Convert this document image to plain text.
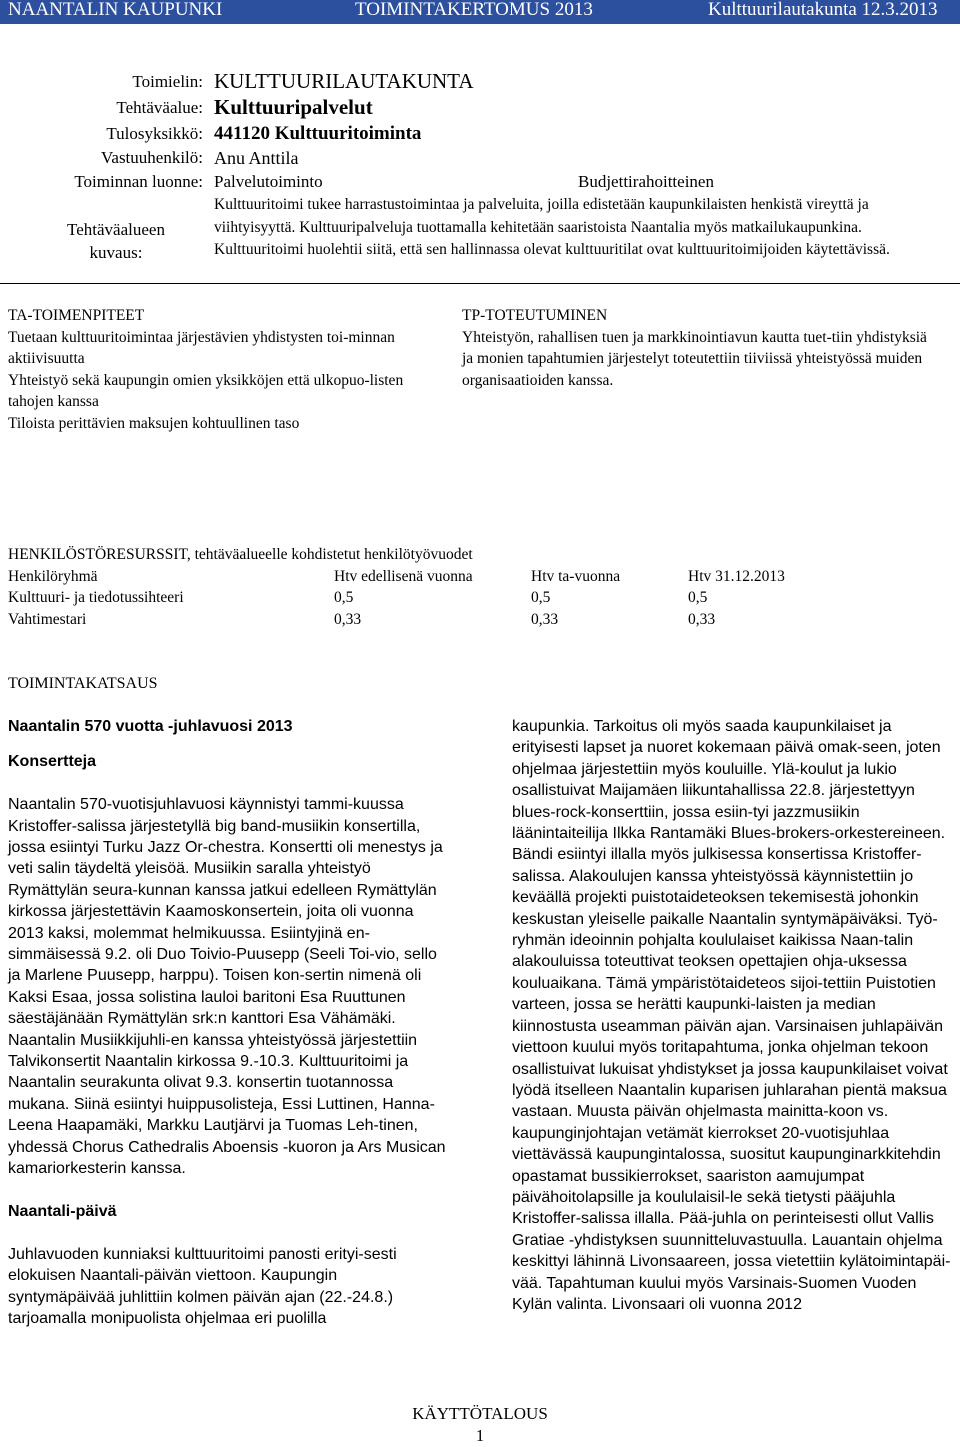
NAANTALIN KAUPUNKI	TOIMINTAKERTOMUS 2013	Kulttuurilautakunta 12.3.2013
Toimielin: KULTTUURILAUTAKUNTA
Tehtäväalue: Kulttuuripalvelut
Tulosyksikkö: 441120 Kulttuuritoiminta
Vastuuhenkilö: Anu Anttila
Toiminnan luonne: Palvelutoiminto	Budjettirahoitteinen
Tehtäväalueen
kuvaus:
Kulttuuritoimi tukee harrastustoimintaa ja palveluita, joilla edistetään kaupunkilaisten henkistä vireyttä ja viihtyisyyttä. Kulttuuripalveluja tuottamalla kehitetään saaristoista Naantalia myös matkailukaupunkina. Kulttuuritoimi huolehtii siitä, että sen hallinnassa olevat kulttuuritilat ovat kulttuuritoimijoiden käytettävissä.
TA-TOIMENPITEET
Tuetaan kulttuuritoimintaa järjestävien yhdistysten toi-minnan aktiivisuutta
Yhteistyö sekä kaupungin omien yksikköjen että ulkopuo-listen tahojen kanssa
Tiloista perittävien maksujen kohtuullinen taso
TP-TOTEUTUMINEN
Yhteistyön, rahallisen tuen ja markkinointiavun kautta tuet-tiin yhdistyksiä ja monien tapahtumien järjestelyt toteutettiin tiiviissä yhteistyössä muiden organisaatioiden kanssa.
HENKILÖSTÖRESURSSIT, tehtäväalueelle kohdistetut henkilötyövuodet
Henkilöryhmä	Htv edellisenä vuonna	Htv ta-vuonna	Htv 31.12.2013
Kulttuuri- ja tiedotussihteeri	0,5	0,5	0,5
Vahtimestari	0,33	0,33	0,33
TOIMINTAKATSAUS
Naantalin 570 vuotta -juhlavuosi 2013
Konsertteja

Naantalin 570-vuotisjuhlavuosi käynnistyi tammi-kuussa Kristoffer-salissa järjestetyllä big band-musiikin konsertilla, jossa esiintyi Turku Jazz Or-chestra. Konsertti oli menestys ja veti salin täydeltä yleisöä. Musiikin saralla yhteistyö Rymättylän seura-kunnan kanssa jatkui edelleen Rymättylän kirkossa järjestettävin Kaamoskonsertein, joita oli vuonna 2013 kaksi, molemmat helmikuussa. Esiintyjinä en-simmäisessä 9.2. oli Duo Toivio-Puusepp (Seeli Toi-vio, sello ja Marlene Puusepp, harppu). Toisen kon-sertin nimenä oli Kaksi Esaa, jossa solistina lauloi baritoni Esa Ruuttunen säestäjänään Rymättylän srk:n kanttori Esa Vähämäki. Naantalin Musiikkijuhli-en kanssa yhteistyössä järjestettiin Talvikonsertit Naantalin kirkossa 9.-10.3. Kulttuuritoimi ja Naantalin seurakunta olivat 9.3. konsertin tuotannossa mukana. Siinä esiintyi huippusolisteja, Essi Luttinen, Hanna-Leena Haapamäki, Markku Lautjärvi ja Tuomas Leh-tinen, yhdessä Chorus Cathedralis Aboensis -kuoron ja Ars Musican kamariorkesterin kanssa.

Naantali-päivä

Juhlavuoden kunniaksi kulttuuritoimi panosti erityi-sesti elokuisen Naantali-päivän viettoon. Kaupungin syntymäpäivää juhlittiin kolmen päivän ajan (22.-24.8.) tarjoamalla monipuolista ohjelmaa eri puolilla

kaupunkia. Tarkoitus oli myös saada kaupunkilaiset ja erityisesti lapset ja nuoret kokemaan päivä omak-seen, joten ohjelmaa järjestettiin myös kouluille. Ylä-koulut ja lukio osallistuivat Maijamäen liikuntahallissa 22.8. järjestettyyn blues-rock-konserttiin, jossa esiin-tyi jazzmusiikin läänintaiteilija Ilkka Rantamäki Blues-brokers-orkestereineen. Bändi esiintyi illalla myös julkisessa konsertissa Kristoffer-salissa. Alakoulujen kanssa yhteistyössä käynnistettiin jo keväällä projekti puistotaideteoksen tekemisestä johonkin keskustan yleiselle paikalle Naantalin syntymäpäiväksi. Työ-ryhmän ideoinnin pohjalta koululaiset kaikissa Naan-talin alakouluissa toteuttivat teoksen opettajien ohja-uksessa kouluaikana. Tämä ympäristötaideteos sijoi-tettiin Puistotien varteen, jossa se herätti kaupunki-laisten ja median kiinnostusta useamman päivän ajan. Varsinaisen juhlapäivän viettoon kuului myös toritapahtuma, jonka ohjelman tekoon osallistuivat lukuisat yhdistykset ja jossa kaupunkilaiset voivat lyödä itselleen Naantalin kuparisen juhlarahan pientä maksua vastaan. Muusta päivän ohjelmasta mainitta-koon vs. kaupunginjohtajan vetämät kierrokset 20-vuotisjuhlaa viettävässä kaupungintalossa, suositut kaupunginarkkitehdin opastamat bussikierrokset, saariston aamujumpat päivähoitolapsille ja koululaisil-le sekä tietysti pääjuhla Kristoffer-salissa illalla. Pää-juhla on perinteisesti ollut Vallis Gratiae -yhdistyksen suunnitteluvastuulla. Lauantain ohjelma keskittyi lähinnä Livonsaareen, jossa vietettiin kylätoimintapäi-vää. Tapahtuman kuului myös Varsinais-Suomen Vuoden Kylän valinta. Livonsaari oli vuonna 2012

KÄYTTÖTALOUS
1
